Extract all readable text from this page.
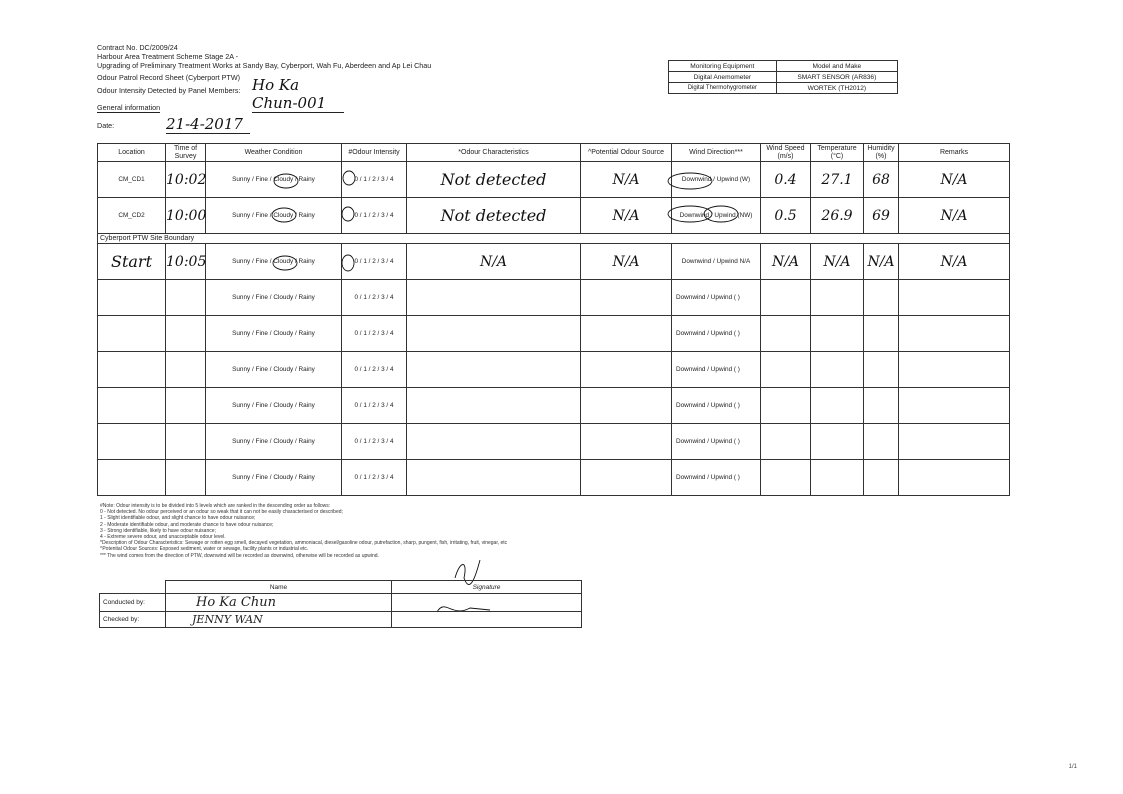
Contract No. DC/2009/24
Harbour Area Treatment Scheme Stage 2A -
Upgrading of Preliminary Treatment Works at Sandy Bay, Cyberport, Wah Fu, Aberdeen and Ap Lei Chau
Odour Patrol Record Sheet (Cyberport PTW)
Odour Intensity Detected by Panel Members: Ho Ka Chun-001
General information
Date:	21-4-2017
Monitoring Equipment	Model and Make
Digital Anemometer	SMART SENSOR (AR836)
Digital Thermohygrometer	WORTEK (TH2012)
Location	Time of Survey	Weather Condition	#Odour Intensity	*Odour Characteristics	^Potential Odour Source	Wind Direction***	Wind Speed (m/s)	Temperature (°C)	Humidity (%)	Remarks
CM_CD1	10:02	Sunny / Fine / Cloudy / Rainy	0 / 1 / 2 / 3 / 4	Not detected	N/A	Downwind / Upwind (W)	0.4	27.1	68	N/A
CM_CD2	10:00	Sunny / Fine / Cloudy / Rainy	0 / 1 / 2 / 3 / 4	Not detected	N/A	Downwind / Upwind (NW)	0.5	26.9	69	N/A
Cyberport PTW Site Boundary										
Start	10:05	Sunny / Fine / Cloudy / Rainy	0 / 1 / 2 / 3 / 4	N/A	N/A	Downwind / Upwind N/A	N/A	N/A	N/A	N/A
		Sunny / Fine / Cloudy / Rainy	0 / 1 / 2 / 3 / 4			Downwind / Upwind ( )				
		Sunny / Fine / Cloudy / Rainy	0 / 1 / 2 / 3 / 4			Downwind / Upwind ( )				
		Sunny / Fine / Cloudy / Rainy	0 / 1 / 2 / 3 / 4			Downwind / Upwind ( )				
		Sunny / Fine / Cloudy / Rainy	0 / 1 / 2 / 3 / 4			Downwind / Upwind ( )				
		Sunny / Fine / Cloudy / Rainy	0 / 1 / 2 / 3 / 4			Downwind / Upwind ( )				
		Sunny / Fine / Cloudy / Rainy	0 / 1 / 2 / 3 / 4			Downwind / Upwind ( )				
#Note: Odour intensity is to be divided into 5 levels which are ranked in the descending order as follows:
0 - Not detected. No odour perceived or an odour so weak that it can not be easily characterised or described;
1 - Slight identifiable odour, and slight chance to have odour nuisance;
2 - Moderate identifiable odour, and moderate chance to have odour nuisance;
3 - Strong identifiable, likely to have odour nuisance;
4 - Extreme severe odour, and unacceptable odour level.
*Description of Odour Characteristics: Sewage or rotten egg smell, decayed vegetation, ammoniacal, diesel/gasoline odour, putrefaction, sharp, pungent, fish, irritating, fruit, vinegar, etc
^Potential Odour Sources: Exposed sediment, water or sewage, facility plants or industrial etc.
*** The wind comes from the direction of PTW, downwind will be recorded as downwind, otherwise will be recorded as upwind.
	Name	Signature
Conducted by:	Ho Ka Chun	
Checked by:	JENNY WAN	
1/1
